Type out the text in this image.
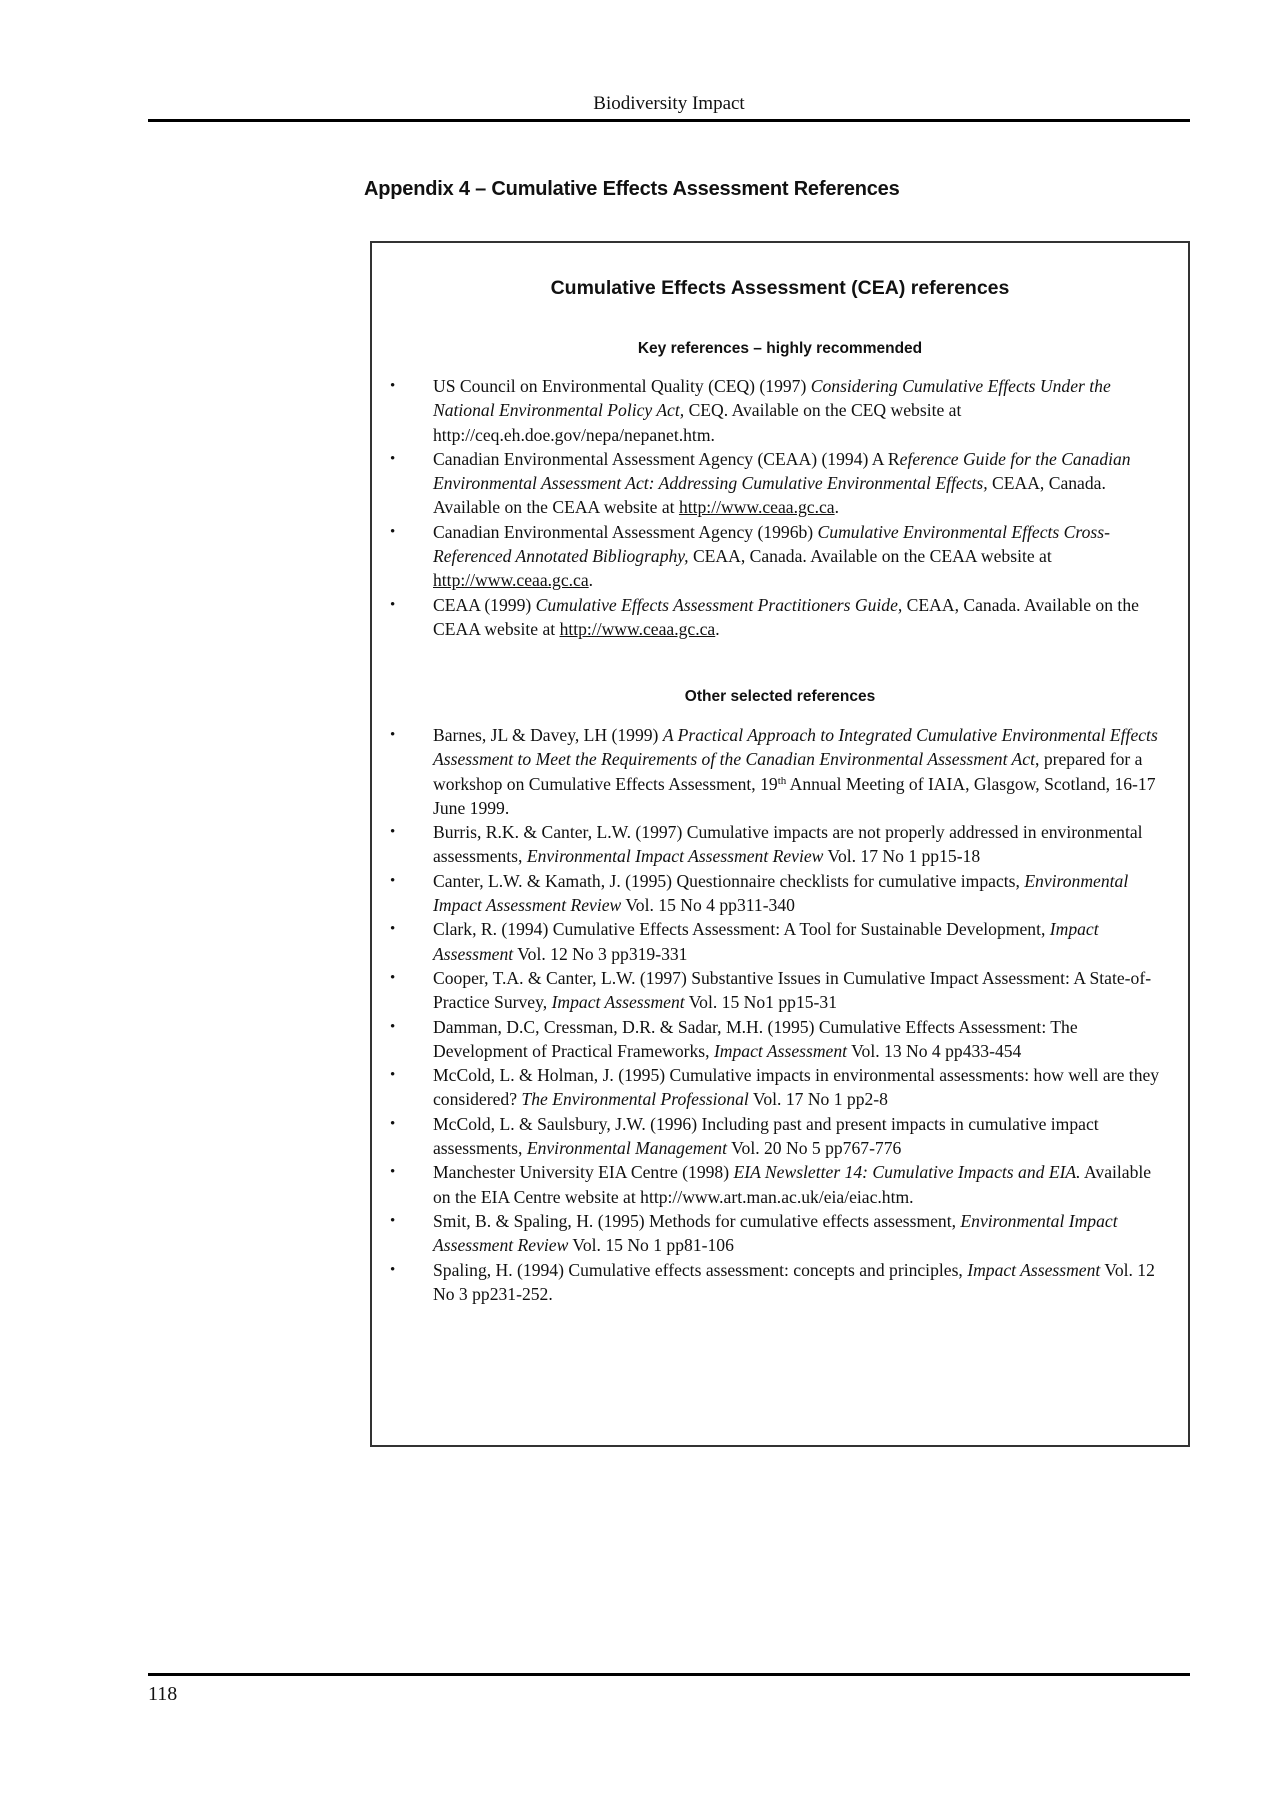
Biodiversity Impact
Appendix 4 – Cumulative Effects Assessment References
Cumulative Effects Assessment (CEA) references
Key references – highly recommended
• US Council on Environmental Quality (CEQ) (1997) Considering Cumulative Effects Under the National Environmental Policy Act, CEQ. Available on the CEQ website at http://ceq.eh.doe.gov/nepa/nepanet.htm.
• Canadian Environmental Assessment Agency (CEAA) (1994) A Reference Guide for the Canadian Environmental Assessment Act: Addressing Cumulative Environmental Effects, CEAA, Canada. Available on the CEAA website at http://www.ceaa.gc.ca.
• Canadian Environmental Assessment Agency (1996b) Cumulative Environmental Effects Cross-Referenced Annotated Bibliography, CEAA, Canada. Available on the CEAA website at http://www.ceaa.gc.ca.
• CEAA (1999) Cumulative Effects Assessment Practitioners Guide, CEAA, Canada. Available on the CEAA website at http://www.ceaa.gc.ca.
Other selected references
• Barnes, JL & Davey, LH (1999) A Practical Approach to Integrated Cumulative Environmental Effects Assessment to Meet the Requirements of the Canadian Environmental Assessment Act, prepared for a workshop on Cumulative Effects Assessment, 19th Annual Meeting of IAIA, Glasgow, Scotland, 16-17 June 1999.
• Burris, R.K. & Canter, L.W. (1997) Cumulative impacts are not properly addressed in environmental assessments, Environmental Impact Assessment Review Vol. 17 No 1 pp15-18
• Canter, L.W. & Kamath, J. (1995) Questionnaire checklists for cumulative impacts, Environmental Impact Assessment Review Vol. 15 No 4 pp311-340
• Clark, R. (1994) Cumulative Effects Assessment: A Tool for Sustainable Development, Impact Assessment Vol. 12 No 3 pp319-331
• Cooper, T.A. & Canter, L.W. (1997) Substantive Issues in Cumulative Impact Assessment: A State-of-Practice Survey, Impact Assessment Vol. 15 No1 pp15-31
• Damman, D.C, Cressman, D.R. & Sadar, M.H. (1995) Cumulative Effects Assessment: The Development of Practical Frameworks, Impact Assessment Vol. 13 No 4 pp433-454
• McCold, L. & Holman, J. (1995) Cumulative impacts in environmental assessments: how well are they considered? The Environmental Professional Vol. 17 No 1 pp2-8
• McCold, L. & Saulsbury, J.W. (1996) Including past and present impacts in cumulative impact assessments, Environmental Management Vol. 20 No 5 pp767-776
• Manchester University EIA Centre (1998) EIA Newsletter 14: Cumulative Impacts and EIA. Available on the EIA Centre website at http://www.art.man.ac.uk/eia/eiac.htm.
• Smit, B. & Spaling, H. (1995) Methods for cumulative effects assessment, Environmental Impact Assessment Review Vol. 15 No 1 pp81-106
• Spaling, H. (1994) Cumulative effects assessment: concepts and principles, Impact Assessment Vol. 12 No 3 pp231-252.
118
